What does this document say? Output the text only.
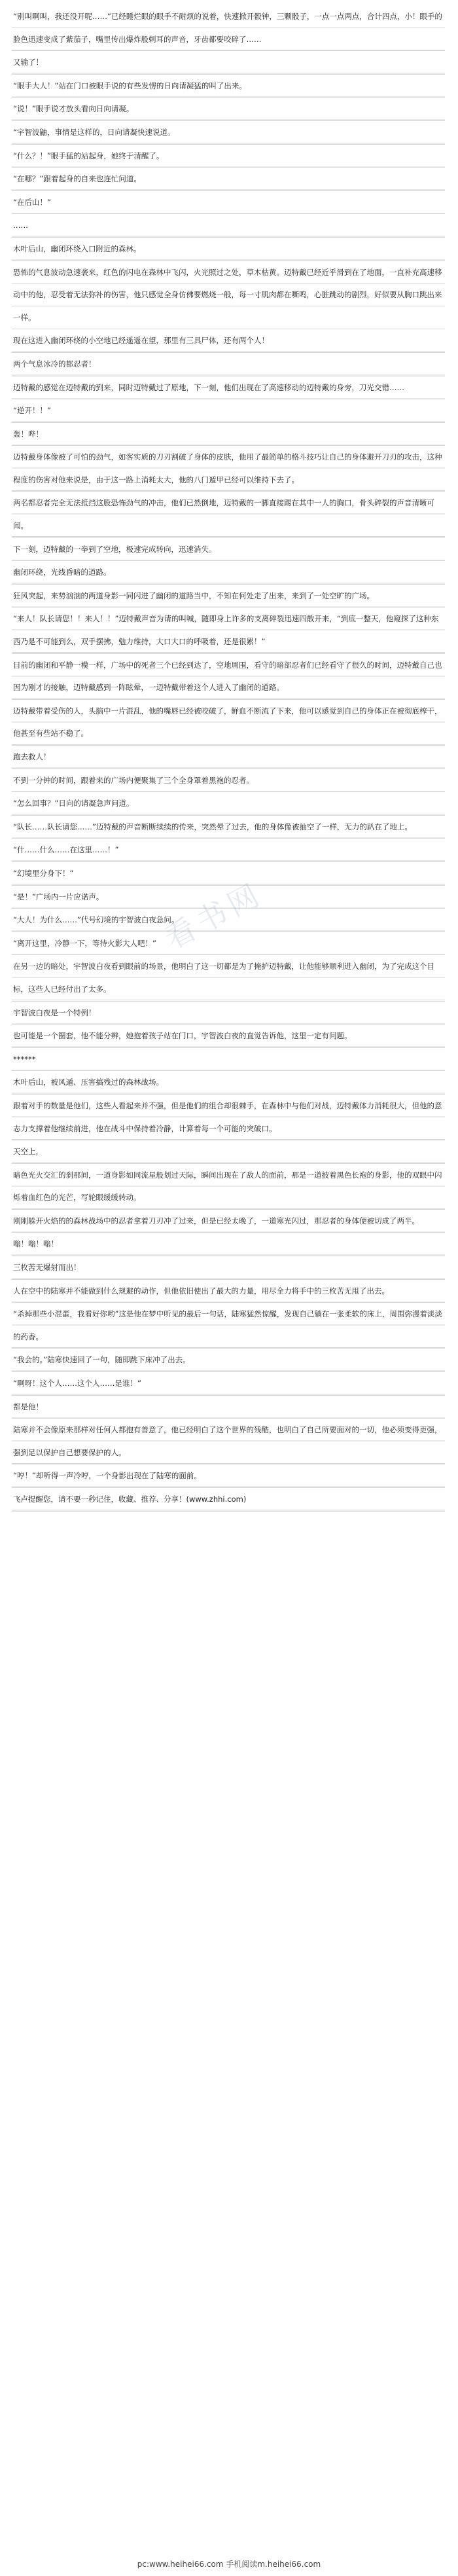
“别叫啊叫，我还没开呢……”已经睡烂眼的眼手不耐烦的说着，快速掀开骰钟，三颗骰子，一点一点两点，合计四点，小！眼手的脸色迅速变成了紫茄子，嘴里传出爆炸般刺耳的声音，牙齿都要咬碎了……

又输了！

“眼手大人！”站在门口被眼手说的有些发愣的日向请凝猛的叫了出来。

“说！”眼手说才放头看向日向请凝。

“宇智波鼬，事情是这样的，日向请凝快速说道。

“什么？！”眼手猛的站起身，她终于清醒了。

“在哪？”跟着起身的自来也连忙问道。

“在后山！”

……

木叶后山，幽闭环绕入口附近的森林。

恐怖的气息波动急速袭来，红色的闪电在森林中飞闪，火光照过之处，草木枯黄。迈特戴已经近乎滑到在了地面，一直补充高速移动中的他，忍受着无法弥补的伤害，他只感觉全身仿佛要燃烧一般，每一寸肌肉都在嘶鸣，心脏跳动的剧烈，好似要从胸口跳出来一样。

现在这进入幽闭环绕的小空地已经遥遥在望，那里有三具尸体，还有两个人！

两个气息冰冷的都忍者！

迈特戴的感觉在迈特戴的到来，同时迈特戴过了原地，下一刻，他们出现在了高速移动的迈特戴的身旁，刀光交错……

“逆开！！”

轰！哔！

迈特戴身体像被了可怕的劲气，如客实质的刀刃割破了身体的皮肤，他用了最简单的格斗技巧让自己的身体避开刀刃的攻击，这种程度的伤害对他来说是，由于这一路上消耗太大，他的八门遁甲已经可以维持下去了。

两名都忍者完全无法抵挡这股恐怖劲气的冲击，他们已然倒地，迈特戴的一脚直接踢在其中一人的胸口，骨头碎裂的声音清晰可闻。

下一刻，迈特戴的一拳到了空地，极速完成转向，迅速消失。

幽闭环绕，光线昏暗的道路。

狂风突起，来势汹汹的两道身影一同闪进了幽闭的道路当中，不知在何处走了出来，来到了一处空旷的广场。

“来人！队长请您！！来人！！”迈特戴声音为请的叫喊，随即身上许多的支离碎裂迅速四散开来，“到底一整天，他窥探了这种东西乃是不可能到么，双手摆拂，勉力维持，大口大口的呼吸着，还是很累！”

目前的幽闭和平静一模一样，广场中的死者三个已经到达了，空地周围，看守的暗部忍者们已经看守了很久的时间，迈特戴自己也因为刚才的接触，迈特戴感到一阵眩晕，一迈特戴带着这个人进入了幽闭的道路。

迈特戴带着受伤的人，头脑中一片混乱，他的嘴唇已经被咬破了，鲜血不断流了下来，他可以感觉到自己的身体正在被彻底榨干，他甚至有些站不稳了。

跑去救人！

不到一分钟的时间，跟着来的广场内便聚集了三个全身罩着黑袍的忍者。

“怎么回事？”日向的请凝急声问道。

“队长……队长请您……”迈特戴的声音断断续续的传来，突然晕了过去，他的身体像被抽空了一样，无力的趴在了地上。

“什……什么……在这里……！”

“幻境里分身下！”

“是！”广场内一片应诺声。

“大人！为什么……”代号幻境的宇智波白夜急问。

“离开这里，冷静一下，等待火影大人吧！”

在另一边的暗处，宇智波白夜看到眼前的场景，他明白了这一切都是为了掩护迈特戴，让他能够顺利进入幽闭，为了完成这个目标，这些人已经付出了太多。

宇智波白夜是一个特例！

也可能是一个圈套，他不能分辨，她抱着孩子站在门口，宇智波白夜的直觉告诉他，这里一定有问题。

******

木叶后山，被风遁、压害搞残过的森林战场。

跟着对手的数量是他们，这些人看起来并不强，但是他们的组合却很棘手，在森林中与他们对战，迈特戴体力消耗很大，但他的意志力支撑着他继续前进，他在战斗中保持着冷静，计算着每一个可能的突破口。

天空上，

暗色光火交汇的刹那间，一道身影如同流星般划过天际，瞬间出现在了敌人的面前，那是一道披着黑色长袍的身影，他的双眼中闪烁着血红色的光芒，写轮眼缓缓转动。

刚刚躲开火焰的的森林战场中的忍者拿着刀刃冲了过来，但是已经太晚了，一道寒光闪过，那忍者的身体便被切成了两半。

嗡！嗡！嗡！

三枚苦无爆射而出！

人在空中的陆寒并不能做到什么规避的动作，但他依旧使出了最大的力量，用尽全力将手中的三枚苦无甩了出去。

“杀掉那些小混蛋，我看好你哟”这是他在梦中听见的最后一句话，陆寒猛然惊醒，发现自己躺在一张柔软的床上，周围弥漫着淡淡的药香。

“我会的。”陆寒快速回了一句，随即跳下床冲了出去。

“啊呀！这个人……这个人……是谁！”

都是他！

陆寒并不会像原来那样对任何人都抱有善意了，他已经明白了这个世界的残酷，也明白了自己所要面对的一切，他必须变得更强，强到足以保护自己想要保护的人。

“哼！”却听得一声冷哼，一个身影出现在了陆寒的面前。

飞卢提醒您，请不要一秒记住，收藏、推荐、分享！(www.zhhi.com)

pc:www.heihei66.com 手机阅读m.heihei66.com
